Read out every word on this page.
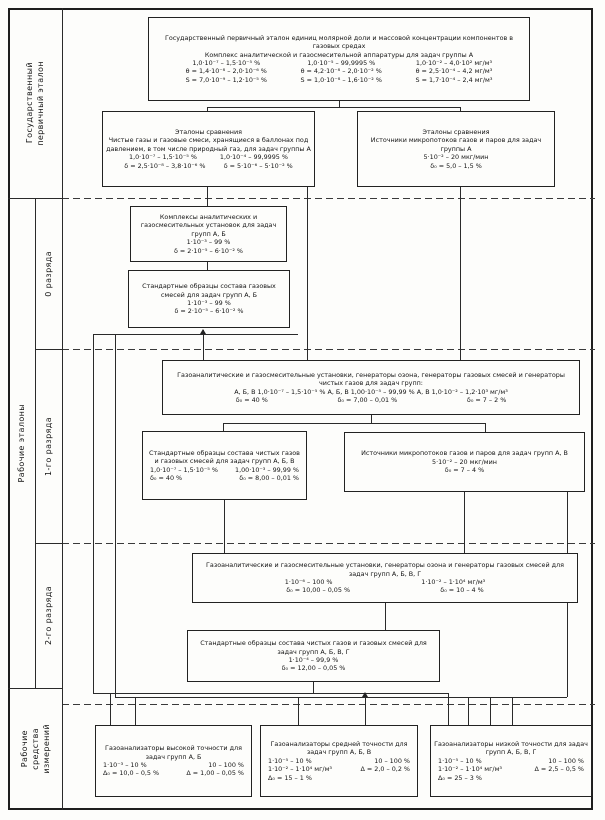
Государственный первичный эталон
Рабочие эталоны
0 разряда
1-го разряда
2-го разряда
Рабочие средства измерений
Государственный первичный эталон единиц молярной доли и массовой концентрации компонентов в газовых средах
Комплекс аналитической и газосмесительной аппаратуры для задач группы А
1,0·10⁻⁷ – 1,5·10⁻⁵ %
θ = 1,4·10⁻⁸ – 2,0·10⁻⁶ %
S = 7,0·10⁻⁹ – 1,2·10⁻⁵ %
1,0·10⁻⁵ – 99,9995 %
θ = 4,2·10⁻⁸ – 2,0·10⁻² %
S = 1,0·10⁻⁸ – 1,6·10⁻² %
1,0·10⁻² – 4,0·10² мг/м³
θ = 2,5·10⁻⁴ – 4,2 мг/м³
S = 1,7·10⁻⁴ – 2,4 мг/м³
Эталоны сравнения
Чистые газы и газовые смеси, хранящиеся в баллонах под давлением, в том числе природный газ, для задач группы А
1,0·10⁻⁷ – 1,5·10⁻⁵ %	1,0·10⁻⁴ – 99,9995 %
δ = 2,5·10⁻⁸ – 3,8·10⁻⁶ %	δ = 5·10⁻⁶ – 5·10⁻² %
Эталоны сравнения
Источники микропотоков газов и паров для задач группы А
5·10⁻² – 20 мкг/мин
δ₀ = 5,0 – 1,5 %
Комплексы аналитических и газосмесительных установок для задач групп А, Б
1·10⁻³ – 99 %
δ = 2·10⁻⁵ – 6·10⁻² %
Стандартные образцы состава газовых смесей для задач групп А, Б
1·10⁻³ – 99 %
δ = 2·10⁻⁵ – 6·10⁻² %
Газоаналитические и газосмесительные установки, генераторы озона, генераторы газовых смесей и генераторы чистых газов для задач групп:
А, Б, В 1,0·10⁻⁷ – 1,5·10⁻⁵ % А, Б, В 1,00·10⁻⁵ – 99,99 % А, В 1,0·10⁻² – 1,2·10³ мг/м³
δ₀ = 40 %	δ₀ = 7,00 – 0,01 %	δ₀ = 7 – 2 %
Стандартные образцы состава чистых газов и газовых смесей для задач групп А, Б, В
1,0·10⁻⁷ – 1,5·10⁻⁵ %	1,00·10⁻³ – 99,99 %
δ₀ = 40 %	δ₀ = 8,00 – 0,01 %
Источники микропотоков газов и паров для задач групп А, В
5·10⁻² – 20 мкг/мин
δ₀ = 7 – 4 %
Газоаналитические и газосмесительные установки, генераторы озона и генераторы газовых смесей для задач групп А, Б, В, Г
1·10⁻⁶ – 100 %	1·10⁻² – 1·10⁴ мг/м³
δ₀ = 10,00 – 0,05 %	δ₀ = 10 – 4 %
Стандартные образцы состава чистых газов и газовых смесей для задач групп А, Б, В, Г
1·10⁻⁴ – 99,9 %
δ₀ = 12,00 – 0,05 %
Газоанализаторы высокой точности для задач групп А, Б
1·10⁻³ – 10 %	10 – 100 %
Δ₀ = 10,0 – 0,5 %	Δ = 1,00 – 0,05 %
Газоанализаторы средней точности для задач групп А, Б, В
1·10⁻⁵ – 10 %	10 – 100 %
1·10⁻² – 1·10⁴ мг/м³	Δ = 2,0 – 0,2 %
Δ₀ = 15 – 1 %
Газоанализаторы низкой точности для задач групп А, Б, В, Г
1·10⁻⁵ – 10 %	10 – 100 %
1·10⁻² – 1·10⁴ мг/м³	Δ = 2,5 – 0,5 %
Δ₀ = 25 – 3 %
